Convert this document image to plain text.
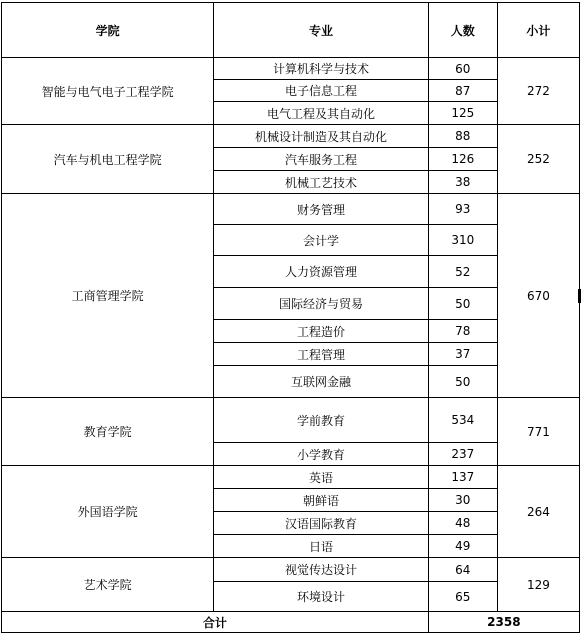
学院	专业	人数	小计
智能与电气电子工程学院	计算机科学与技术	60	272
	电子信息工程	87	
	电气工程及其自动化	125	
汽车与机电工程学院	机械设计制造及其自动化	88	252
	汽车服务工程	126	
	机械工艺技术	38	
工商管理学院	财务管理	93	670
	会计学	310	
	人力资源管理	52	
	国际经济与贸易	50	
	工程造价	78	
	工程管理	37	
	互联网金融	50	
教育学院	学前教育	534	771
	小学教育	237	
外国语学院	英语	137	264
	朝鲜语	30	
	汉语国际教育	48	
	日语	49	
艺术学院	视觉传达设计	64	129
	环境设计	65	
合计		2358	
